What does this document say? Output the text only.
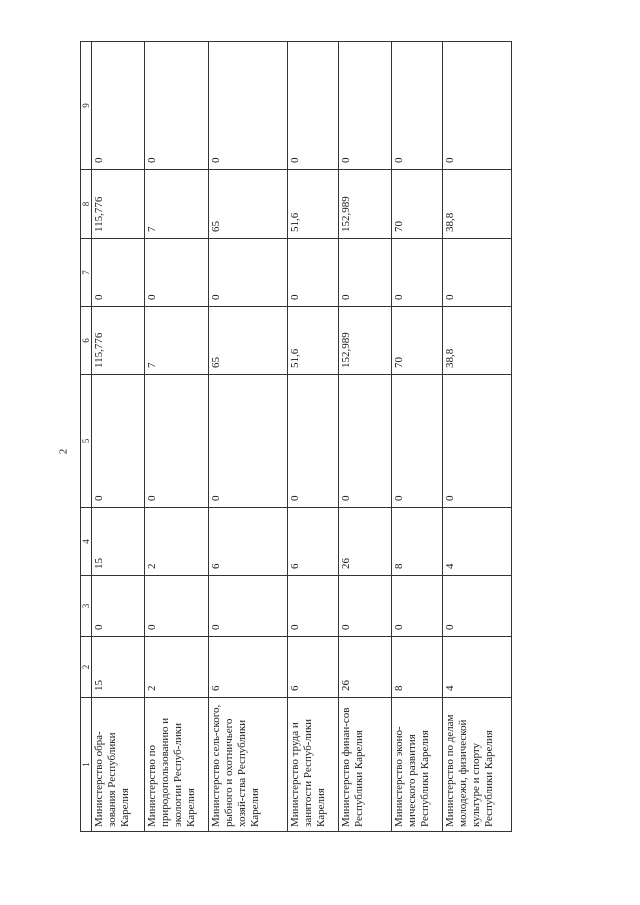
2
1	2	3	4	5	6	7	8	9
Министерство обра-зования Республики Карелия	15	0	15	0	115,776	0	115,776	0
Министерство по природопользованию и экологии Респуб-лики Карелия	2	0	2	0	7	0	7	0
Министерство сель-ского, рыбного и охотничьего хозяй-ства Республики Карелия	6	0	6	0	65	0	65	0
Министерство труда и занятости Респуб-лики Карелия	6	0	6	0	51,6	0	51,6	0
Министерство финан-сов Республики Карелия	26	0	26	0	152,989	0	152,989	0
Министерство эконо-мического развития Республики Карелия	8	0	8	0	70	0	70	0
Министерство по делам молодежи, физической культуре и спорту Республики Карелия	4	0	4	0	38,8	0	38,8	0
